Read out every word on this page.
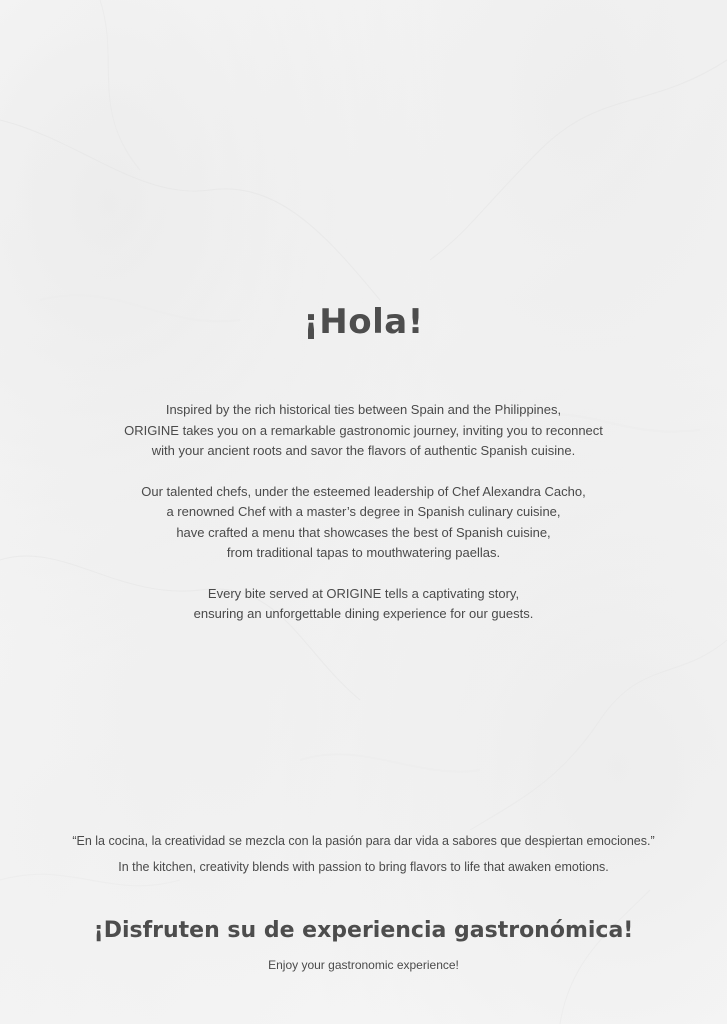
¡Hola!

Inspired by the rich historical ties between Spain and the Philippines,
ORIGINE takes you on a remarkable gastronomic journey, inviting you to reconnect
with your ancient roots and savor the flavors of authentic Spanish cuisine.

Our talented chefs, under the esteemed leadership of Chef Alexandra Cacho,
a renowned Chef with a master’s degree in Spanish culinary cuisine,
have crafted a menu that showcases the best of Spanish cuisine,
from traditional tapas to mouthwatering paellas.

Every bite served at ORIGINE tells a captivating story,
ensuring an unforgettable dining experience for our guests.

“En la cocina, la creatividad se mezcla con la pasión para dar vida a sabores que despiertan emociones.”
In the kitchen, creativity blends with passion to bring flavors to life that awaken emotions.
¡Disfruten su de experiencia gastronómica!
Enjoy your gastronomic experience!
